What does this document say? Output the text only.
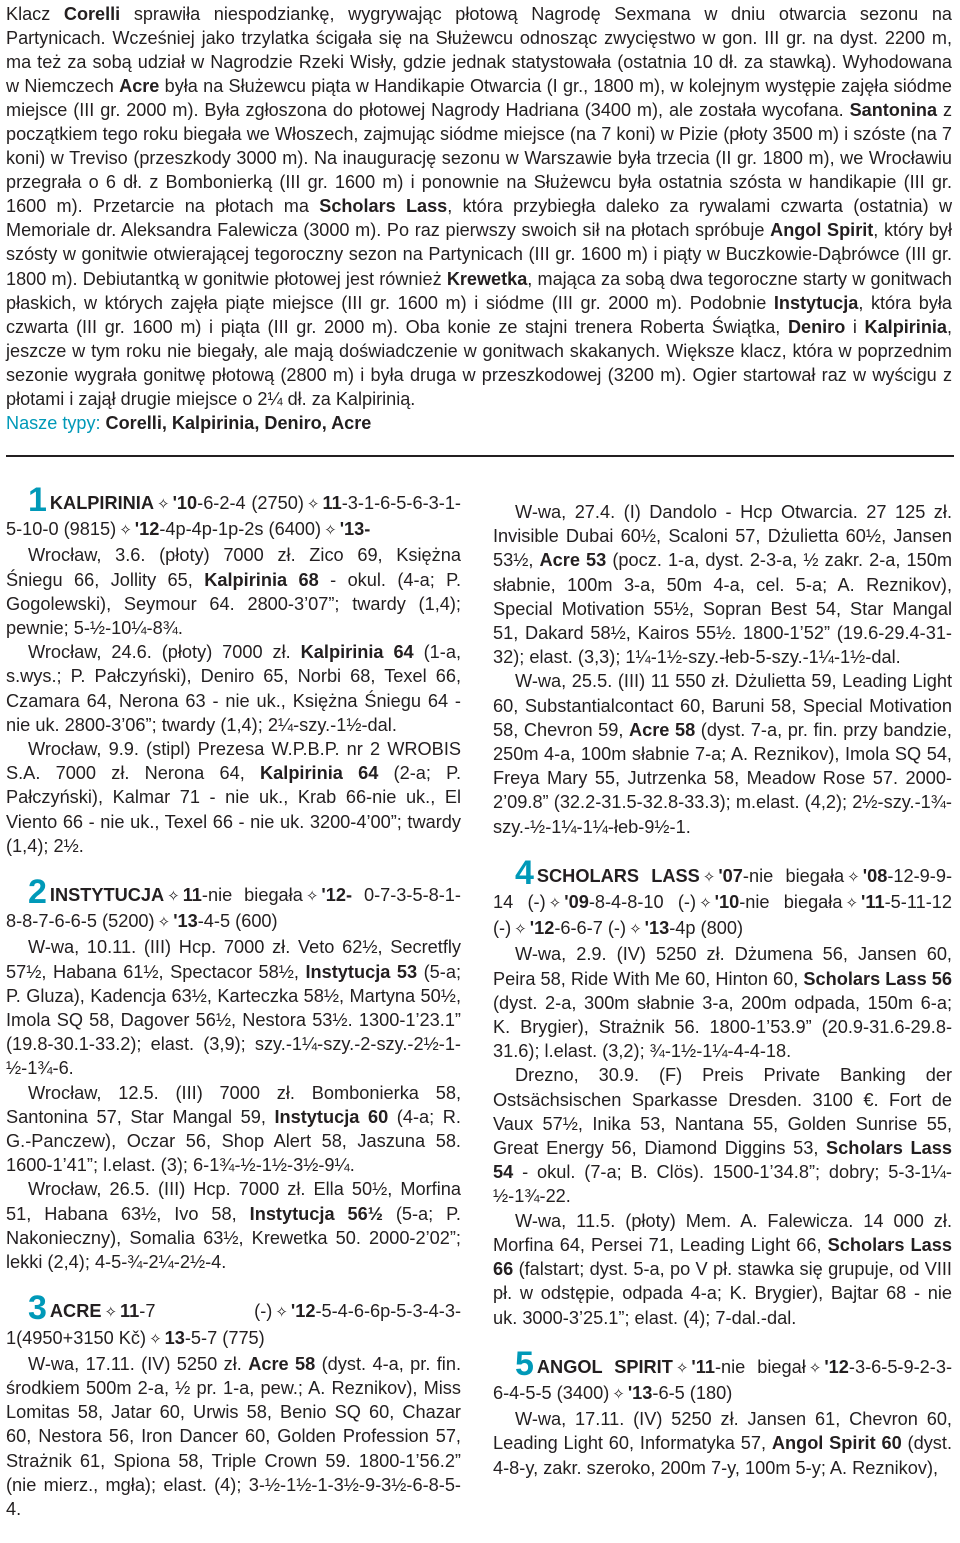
Klacz Corelli sprawiła niespodziankę, wygrywając płotową Nagrodę Sexmana w dniu otwarcia sezonu na Partynicach. Wcześniej jako trzylatka ścigała się na Służewcu odnosząc zwycięstwo w gon. III gr. na dyst. 2200 m, ma też za sobą udział w Nagrodzie Rzeki Wisły, gdzie jednak statystowała (ostatnia 10 dł. za stawką). Wyhodowana w Niemczech Acre była na Służewcu piąta w Handikapie Otwarcia (I gr., 1800 m), w kolejnym występie zajęła siódme miejsce (III gr. 2000 m). Była zgłoszona do płotowej Nagrody Hadriana (3400 m), ale została wycofana. Santonina z początkiem tego roku biegała we Włoszech, zajmując siódme miejsce (na 7 koni) w Pizie (płoty 3500 m) i szóste (na 7 koni) w Treviso (przeszkody 3000 m). Na inaugurację sezonu w Warszawie była trzecia (II gr. 1800 m), we Wrocławiu przegrała o 6 dł. z Bombonierką (III gr. 1600 m) i ponownie na Służewcu była ostatnia szósta w handikapie (III gr. 1600 m). Przetarcie na płotach ma Scholars Lass, która przybiegła daleko za rywalami czwarta (ostatnia) w Memoriale dr. Aleksandra Falewicza (3000 m). Po raz pierwszy swoich sił na płotach spróbuje Angol Spirit, który był szósty w gonitwie otwierającej tegoroczny sezon na Partynicach (III gr. 1600 m) i piąty w Buczkowie-Dąbrówce (III gr. 1800 m). Debiutantką w gonitwie płotowej jest również Krewetka, mająca za sobą dwa tegoroczne starty w gonitwach płaskich, w których zajęła piąte miejsce (III gr. 1600 m) i siódme (III gr. 2000 m). Podobnie Instytucja, która była czwarta (III gr. 1600 m) i piąta (III gr. 2000 m). Oba konie ze stajni trenera Roberta Świątka, Deniro i Kalpirinia, jeszcze w tym roku nie biegały, ale mają doświadczenie w gonitwach skakanych. Większe klacz, która w poprzednim sezonie wygrała gonitwę płotową (2800 m) i była druga w przeszkodowej (3200 m). Ogier startował raz w wyścigu z płotami i zajął drugie miejsce o 2¼ dł. za Kalpirinią.
Nasze typy: Corelli, Kalpirinia, Deniro, Acre

1 KALPIRINIA ✧ '10-6-2-4 (2750) ✧ 11-3-1-6-5-6-3-1-5-10-0 (9815) ✧ '12-4p-4p-1p-2s (6400) ✧ '13-

Wrocław, 3.6. (płoty) 7000 zł. Zico 69, Księżna Śniegu 66, Jollity 65, Kalpirinia 68 - okul. (4-a; P. Gogolewski), Seymour 64. 2800-3’07”; twardy (1,4); pewnie; 5-½-10¼-8¾.

Wrocław, 24.6. (płoty) 7000 zł. Kalpirinia 64 (1-a, s.wys.; P. Pałczyński), Deniro 65, Norbi 68, Texel 66, Czamara 64, Nerona 63 - nie uk., Księżna Śniegu 64 - nie uk. 2800-3’06”; twardy (1,4); 2¼-szy.-1½-dal.

Wrocław, 9.9. (stipl) Prezesa W.P.B.P. nr 2 WROBIS S.A. 7000 zł. Nerona 64, Kalpirinia 64 (2-a; P. Pałczyński), Kalmar 71 - nie uk., Krab 66-nie uk., El Viento 66 - nie uk., Texel 66 - nie uk. 3200-4’00”; twardy (1,4); 2½.

2 INSTYTUCJA ✧ 11-nie biegała ✧ '12- 0-7-3-5-8-1-8-8-7-6-6-5 (5200) ✧ '13-4-5 (600)

W-wa, 10.11. (III) Hcp. 7000 zł. Veto 62½, Secretfly 57½, Habana 61½, Spectacor 58½, Instytucja 53 (5-a; P. Gluza), Kadencja 63½, Karteczka 58½, Martyna 50½, Imola SQ 58, Dagover 56½, Nestora 53½. 1300-1’23.1” (19.8-30.1-33.2); elast. (3,9); szy.-1¼-szy.-2-szy.-2½-1-½-1¾-6.

Wrocław, 12.5. (III) 7000 zł. Bombonierka 58, Santonina 57, Star Mangal 59, Instytucja 60 (4-a; R. G.-Panczew), Oczar 56, Shop Alert 58, Jaszuna 58. 1600-1’41”; l.elast. (3); 6-1¾-½-1½-3½-9¼.

Wrocław, 26.5. (III) Hcp. 7000 zł. Ella 50½, Morfina 51, Habana 63½, Ivo 58, Instytucja 56½ (5-a; P. Nakonieczny), Somalia 63½, Krewetka 50. 2000-2’02”; lekki (2,4); 4-5-¾-2¼-2½-4.

3 ACRE ✧ 11-7 (-) ✧ '12-5-4-6-6p-5-3-4-3-1(4950+3150 Kč) ✧ 13-5-7 (775)

W-wa, 17.11. (IV) 5250 zł. Acre 58 (dyst. 4-a, pr. fin. środkiem 500m 2-a, ½ pr. 1-a, pew.; A. Reznikov), Miss Lomitas 58, Jatar 60, Urwis 58, Benio SQ 60, Chazar 60, Nestora 56, Iron Dancer 60, Golden Profession 57, Strażnik 61, Spiona 58, Triple Crown 59. 1800-1’56.2” (nie mierz., mgła); elast. (4); 3-½-1½-1-3½-9-3½-6-8-5-4.

W-wa, 27.4. (I) Dandolo - Hcp Otwarcia. 27 125 zł. Invisible Dubai 60½, Scaloni 57, Dżulietta 60½, Jansen 53½, Acre 53 (pocz. 1-a, dyst. 2-3-a, ½ zakr. 2-a, 150m słabnie, 100m 3-a, 50m 4-a, cel. 5-a; A. Reznikov), Special Motivation 55½, Sopran Best 54, Star Mangal 51, Dakard 58½, Kairos 55½. 1800-1’52” (19.6-29.4-31-32); elast. (3,3); 1¼-1½-szy.-łeb-5-szy.-1¼-1½-dal.

W-wa, 25.5. (III) 11 550 zł. Dżulietta 59, Leading Light 60, Substantialcontact 60, Baruni 58, Special Motivation 58, Chevron 59, Acre 58 (dyst. 7-a, pr. fin. przy bandzie, 250m 4-a, 100m słabnie 7-a; A. Reznikov), Imola SQ 54, Freya Mary 55, Jutrzenka 58, Meadow Rose 57. 2000-2’09.8” (32.2-31.5-32.8-33.3); m.elast. (4,2); 2½-szy.-1¾-szy.-½-1¼-1¼-łeb-9½-1.

4 SCHOLARS LASS ✧ '07-nie biegała ✧ '08-12-9-9-14 (-) ✧ '09-8-4-8-10 (-) ✧ '10-nie biegała ✧ '11-5-11-12 (-) ✧ '12-6-6-7 (-) ✧ '13-4p (800)

W-wa, 2.9. (IV) 5250 zł. Dżumena 56, Jansen 60, Peira 58, Ride With Me 60, Hinton 60, Scholars Lass 56 (dyst. 2-a, 300m słabnie 3-a, 200m odpada, 150m 6-a; K. Brygier), Strażnik 56. 1800-1’53.9” (20.9-31.6-29.8-31.6); l.elast. (3,2); ¾-1½-1¼-4-4-18.

Drezno, 30.9. (F) Preis Private Banking der Ostsächsischen Sparkasse Dresden. 3100 €. Fort de Vaux 57½, Inika 53, Nantana 55, Golden Sunrise 55, Great Energy 56, Diamond Diggins 53, Scholars Lass 54 - okul. (7-a; B. Clös). 1500-1’34.8”; dobry; 5-3-1¼-½-1¾-22.

W-wa, 11.5. (płoty) Mem. A. Falewicza. 14 000 zł. Morfina 64, Persei 71, Leading Light 66, Scholars Lass 66 (falstart; dyst. 5-a, po V pł. stawka się grupuje, od VIII pł. w odstępie, odpada 4-a; K. Brygier), Bajtar 68 - nie uk. 3000-3’25.1”; elast. (4); 7-dal.-dal.

5 ANGOL SPIRIT ✧ '11-nie biegał ✧ '12-3-6-5-9-2-3-6-4-5-5 (3400) ✧ '13-6-5 (180)

W-wa, 17.11. (IV) 5250 zł. Jansen 61, Chevron 60, Leading Light 60, Informatyka 57, Angol Spirit 60 (dyst. 4-8-y, zakr. szeroko, 200m 7-y, 100m 5-y; A. Reznikov),
